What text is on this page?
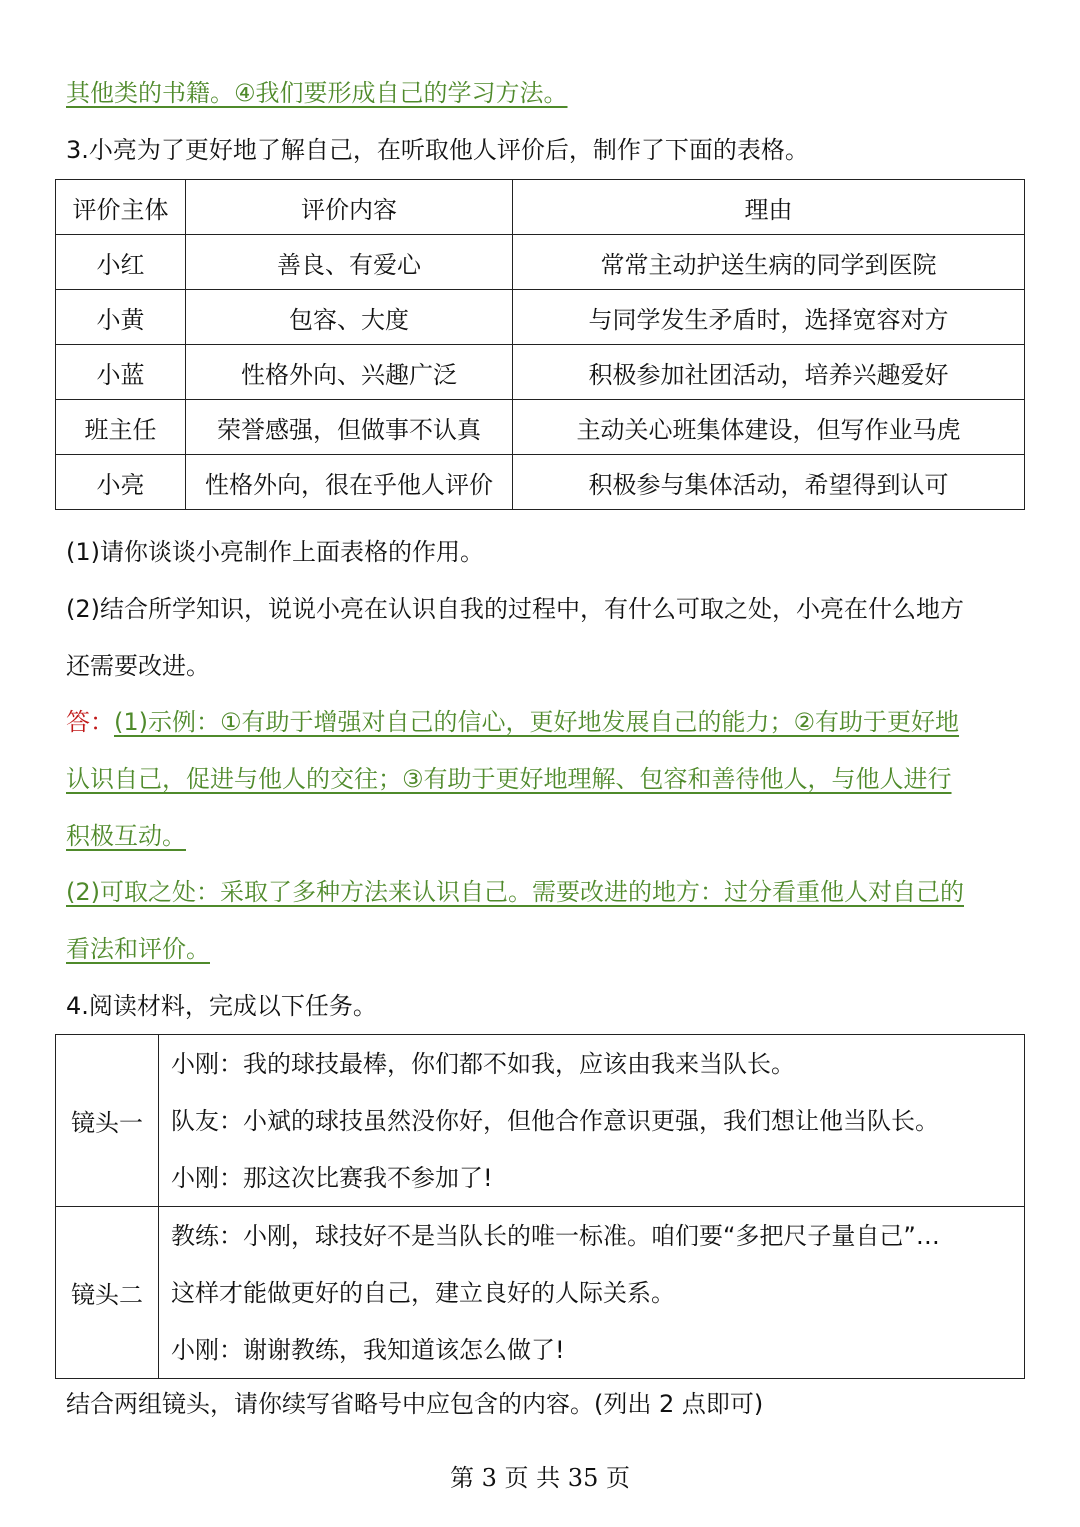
其他类的书籍。④我们要形成自己的学习方法。
3.小亮为了更好地了解自己，在听取他人评价后，制作了下面的表格。
评价主体	评价内容	理由
小红	善良、有爱心	常常主动护送生病的同学到医院
小黄	包容、大度	与同学发生矛盾时，选择宽容对方
小蓝	性格外向、兴趣广泛	积极参加社团活动，培养兴趣爱好
班主任	荣誉感强，但做事不认真	主动关心班集体建设，但写作业马虎
小亮	性格外向，很在乎他人评价	积极参与集体活动，希望得到认可
(1)请你谈谈小亮制作上面表格的作用。
(2)结合所学知识，说说小亮在认识自我的过程中，有什么可取之处，小亮在什么地方
还需要改进。
答：(1)示例：①有助于增强对自己的信心，更好地发展自己的能力；②有助于更好地
认识自己，促进与他人的交往；③有助于更好地理解、包容和善待他人，与他人进行
积极互动。
(2)可取之处：采取了多种方法来认识自己。需要改进的地方：过分看重他人对自己的
看法和评价。
4.阅读材料，完成以下任务。
镜头一	小刚：我的球技最棒，你们都不如我，应该由我来当队长。
队友：小斌的球技虽然没你好，但他合作意识更强，我们想让他当队长。
小刚：那这次比赛我不参加了!

镜头二	教练：小刚，球技好不是当队长的唯一标准。咱们要“多把尺子量自己”…
这样才能做更好的自己，建立良好的人际关系。
小刚：谢谢教练，我知道该怎么做了!
结合两组镜头，请你续写省略号中应包含的内容。(列出 2 点即可)
第 3 页 共 35 页
